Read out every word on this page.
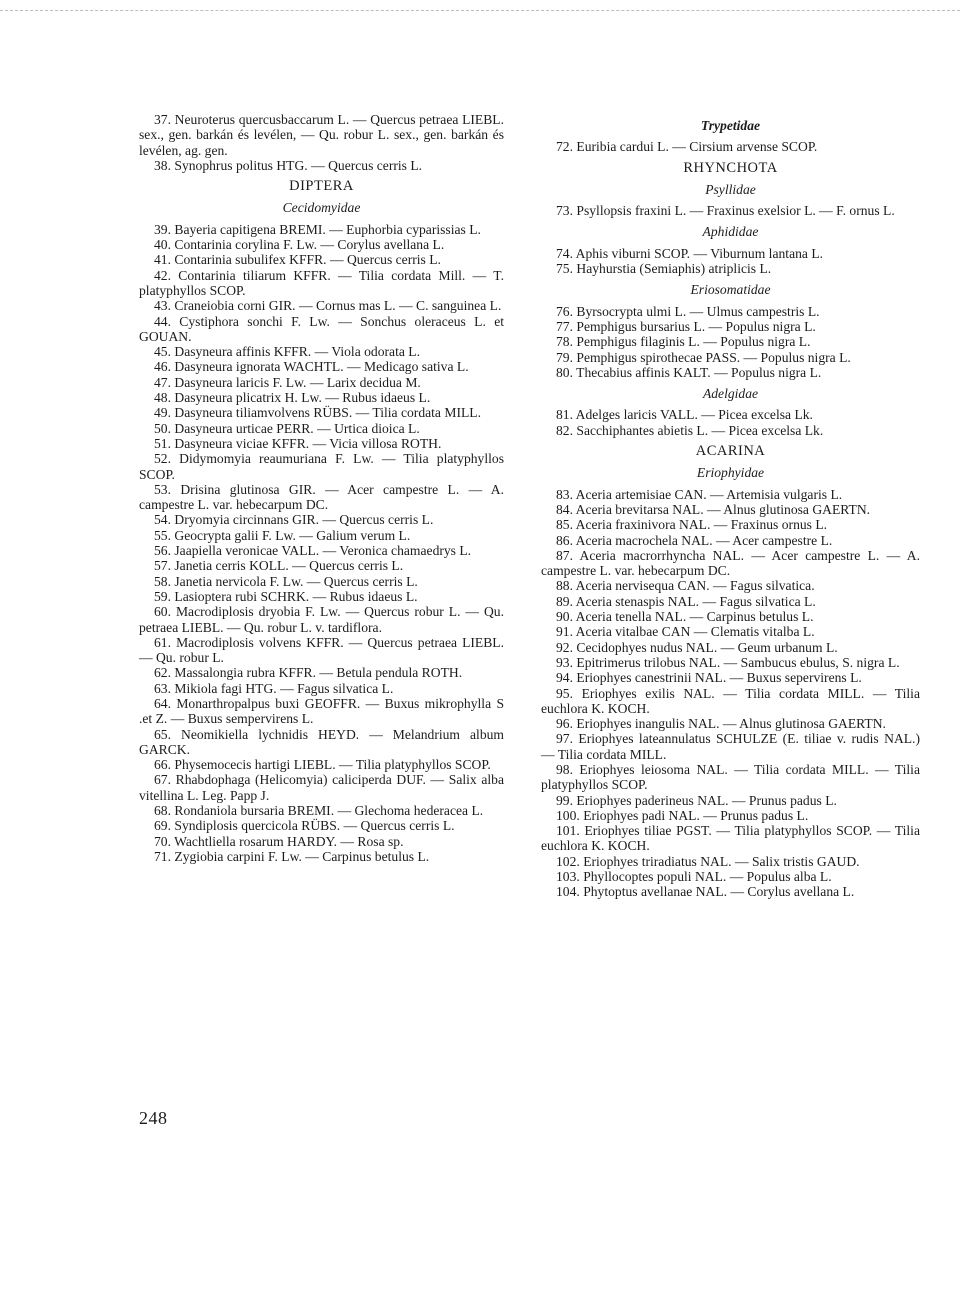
37. Neuroterus quercusbaccarum L. — Quercus petraea LIEBL. sex., gen. barkán és levélen, — Qu. robur L. sex., gen. barkán és levélen, ag. gen.

38. Synophrus politus HTG. — Quercus cerris L.

DIPTERA

Cecidomyidae

39. Bayeria capitigena BREMI. — Euphorbia cyparissias L.

40. Contarinia corylina F. Lw. — Corylus avellana L.

41. Contarinia subulifex KFFR. — Quercus cerris L.

42. Contarinia tiliarum KFFR. — Tilia cordata Mill. — T. platyphyllos SCOP.

43. Craneiobia corni GIR. — Cornus mas L. — C. sanguinea L.

44. Cystiphora sonchi F. Lw. — Sonchus oleraceus L. et GOUAN.

45. Dasyneura affinis KFFR. — Viola odorata L.

46. Dasyneura ignorata WACHTL. — Medicago sativa L.

47. Dasyneura laricis F. Lw. — Larix decidua M.

48. Dasyneura plicatrix H. Lw. — Rubus idaeus L.

49. Dasyneura tiliamvolvens RÜBS. — Tilia cordata MILL.

50. Dasyneura urticae PERR. — Urtica dioica L.

51. Dasyneura viciae KFFR. — Vicia villosa ROTH.

52. Didymomyia reaumuriana F. Lw. — Tilia platyphyllos SCOP.

53. Drisina glutinosa GIR. — Acer campestre L. — A. campestre L. var. hebecarpum DC.

54. Dryomyia circinnans GIR. — Quercus cerris L.

55. Geocrypta galii F. Lw. — Galium verum L.

56. Jaapiella veronicae VALL. — Veronica chamaedrys L.

57. Janetia cerris KOLL. — Quercus cerris L.

58. Janetia nervicola F. Lw. — Quercus cerris L.

59. Lasioptera rubi SCHRK. — Rubus idaeus L.

60. Macrodiplosis dryobia F. Lw. — Quercus robur L. — Qu. petraea LIEBL. — Qu. robur L. v. tardiflora.

61. Macrodiplosis volvens KFFR. — Quercus petraea LIEBL. — Qu. robur L.

62. Massalongia rubra KFFR. — Betula pendula ROTH.

63. Mikiola fagi HTG. — Fagus silvatica L.

64. Monarthropalpus buxi GEOFFR. — Buxus mikrophylla S .et Z. — Buxus sempervirens L.

65. Neomikiella lychnidis HEYD. — Melandrium album GARCK.

66. Physemocecis hartigi LIEBL. — Tilia platyphyllos SCOP.

67. Rhabdophaga (Helicomyia) caliciperda DUF. — Salix alba vitellina L. Leg. Papp J.

68. Rondaniola bursaria BREMI. — Glechoma hederacea L.

69. Syndiplosis quercicola RÜBS. — Quercus cerris L.

70. Wachtliella rosarum HARDY. — Rosa sp.

71. Zygiobia carpini F. Lw. — Carpinus betulus L.

Trypetidae

72. Euribia cardui L. — Cirsium arvense SCOP.

RHYNCHOTA

Psyllidae

73. Psyllopsis fraxini L. — Fraxinus exelsior L. — F. ornus L.

Aphididae

74. Aphis viburni SCOP. — Viburnum lantana L.

75. Hayhurstia (Semiaphis) atriplicis L.

Eriosomatidae

76. Byrsocrypta ulmi L. — Ulmus campestris L.

77. Pemphigus bursarius L. — Populus nigra L.

78. Pemphigus filaginis L. — Populus nigra L.

79. Pemphigus spirothecae PASS. — Populus nigra L.

80. Thecabius affinis KALT. — Populus nigra L.

Adelgidae

81. Adelges laricis VALL. — Picea excelsa Lk.

82. Sacchiphantes abietis L. — Picea excelsa Lk.

ACARINA

Eriophyidae

83. Aceria artemisiae CAN. — Artemisia vulgaris L.

84. Aceria brevitarsa NAL. — Alnus glutinosa GAERTN.

85. Aceria fraxinivora NAL. — Fraxinus ornus L.

86. Aceria macrochela NAL. — Acer campestre L.

87. Aceria macrorrhyncha NAL. — Acer campestre L. — A. campestre L. var. hebecarpum DC.

88. Aceria nervisequa CAN. — Fagus silvatica.

89. Aceria stenaspis NAL. — Fagus silvatica L.

90. Aceria tenella NAL. — Carpinus betulus L.

91. Aceria vitalbae CAN — Clematis vitalba L.

92. Cecidophyes nudus NAL. — Geum urbanum L.

93. Epitrimerus trilobus NAL. — Sambucus ebulus, S. nigra L.

94. Eriophyes canestrinii NAL. — Buxus sepervirens L.

95. Eriophyes exilis NAL. — Tilia cordata MILL. — Tilia euchlora K. KOCH.

96. Eriophyes inangulis NAL. — Alnus glutinosa GAERTN.

97. Eriophyes lateannulatus SCHULZE (E. tiliae v. rudis NAL.) — Tilia cordata MILL.

98. Eriophyes leiosoma NAL. — Tilia cordata MILL. — Tilia platyphyllos SCOP.

99. Eriophyes paderineus NAL. — Prunus padus L.

100. Eriophyes padi NAL. — Prunus padus L.

101. Eriophyes tiliae PGST. — Tilia platyphyllos SCOP. — Tilia euchlora K. KOCH.

102. Eriophyes triradiatus NAL. — Salix tristis GAUD.

103. Phyllocoptes populi NAL. — Populus alba L.

104. Phytoptus avellanae NAL. — Corylus avellana L.

248
